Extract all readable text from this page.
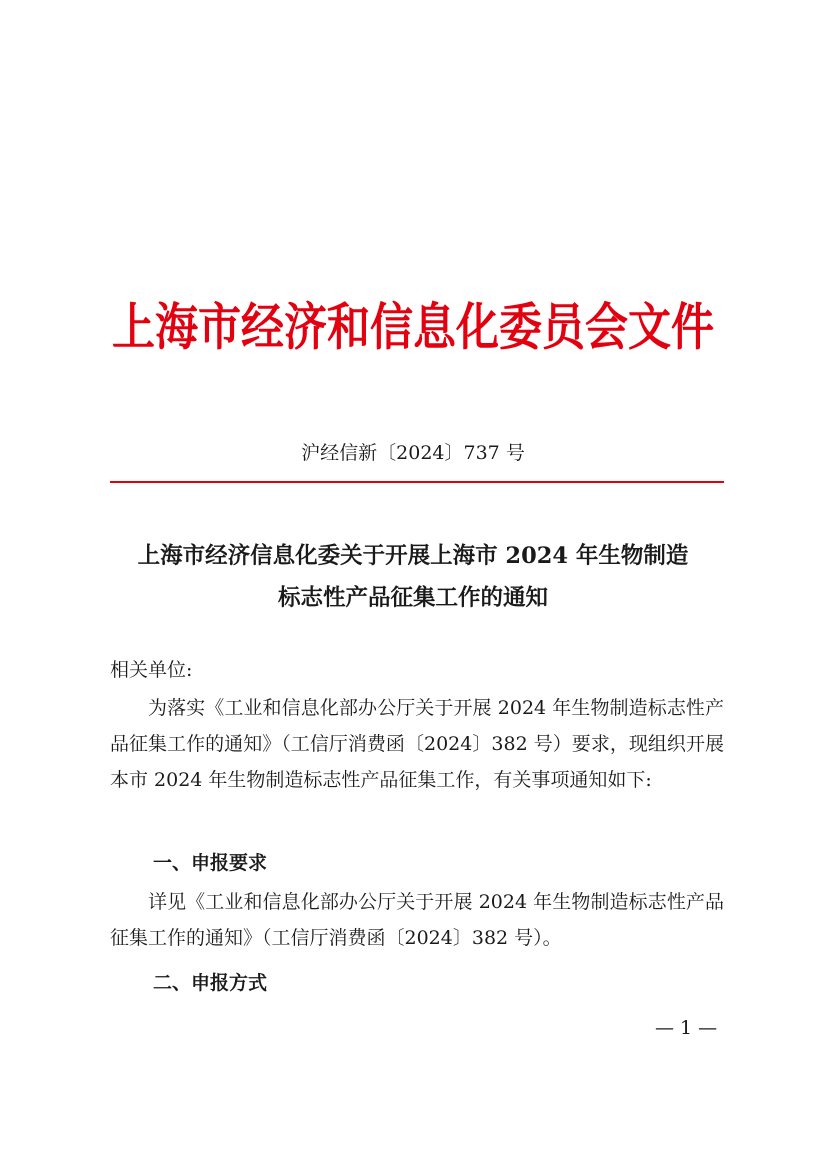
上海市经济和信息化委员会文件
沪经信新〔2024〕737 号
上海市经济信息化委关于开展上海市 2024 年生物制造
标志性产品征集工作的通知
相关单位:
为落实《工业和信息化部办公厅关于开展 2024 年生物制造标志性产品征集工作的通知》（工信厅消费函〔2024〕382 号）要求，现组织开展本市 2024 年生物制造标志性产品征集工作，有关事项通知如下:
一、申报要求
详见《工业和信息化部办公厅关于开展 2024 年生物制造标志性产品征集工作的通知》（工信厅消费函〔2024〕382 号）。
二、申报方式
— 1 —
